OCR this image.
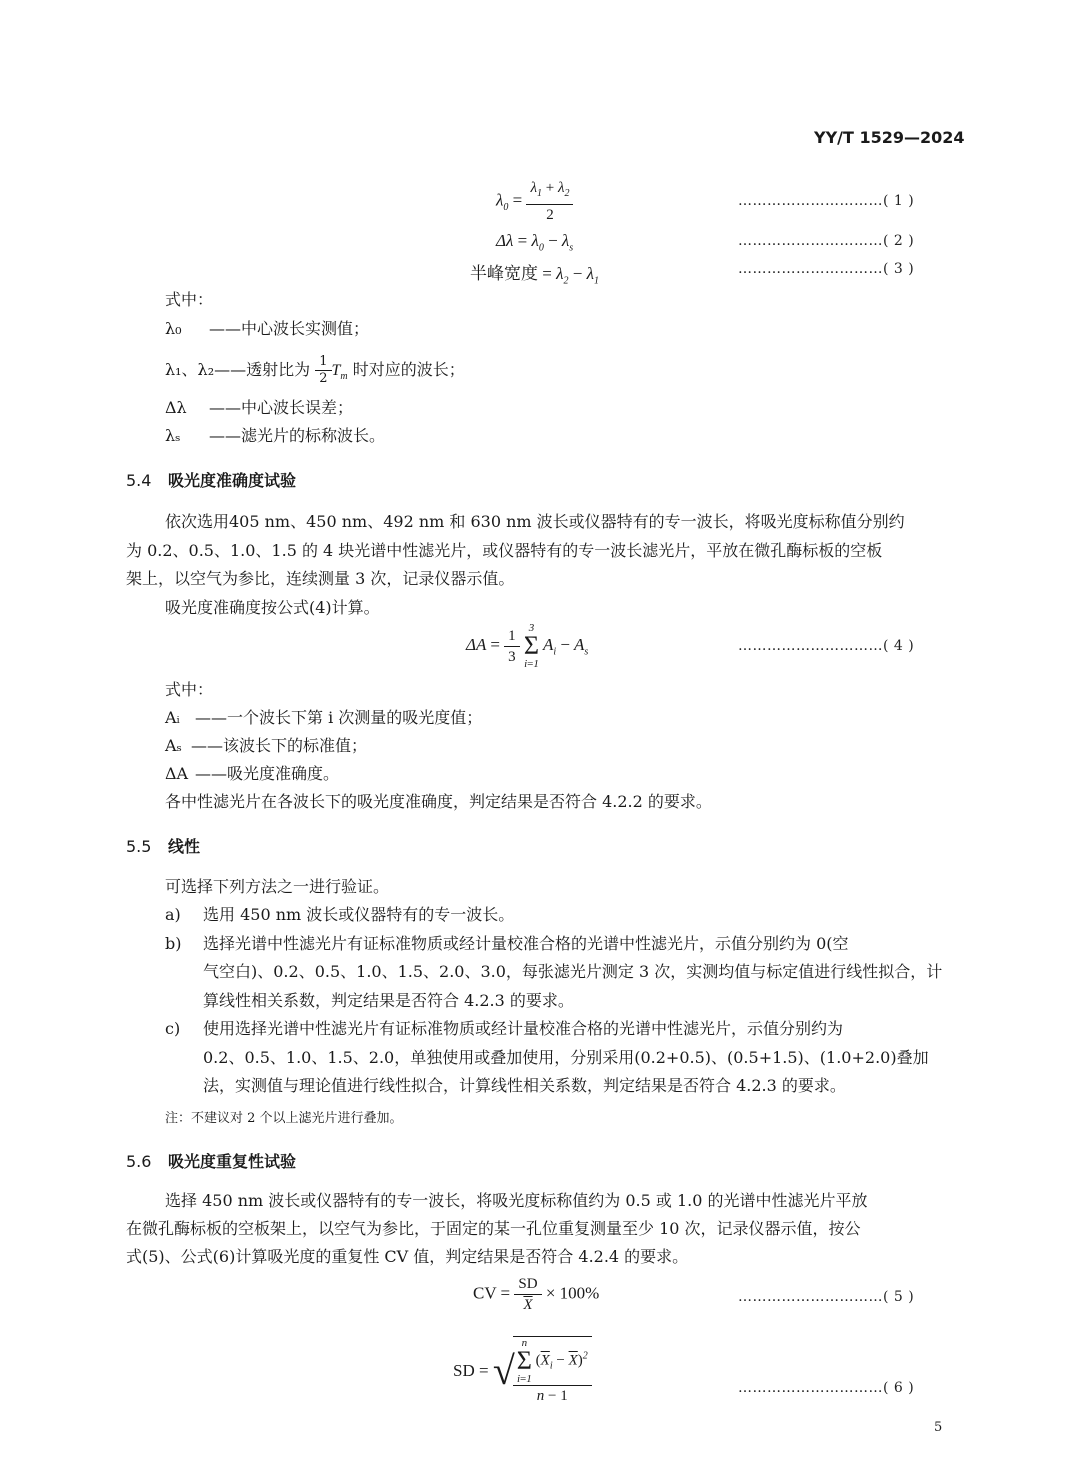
YY/T 1529—2024
$\lambda_0 = \frac{\lambda_1 + \lambda_2}{2}$	…………………………( 1 )
$\Delta\lambda = \lambda_0 - \lambda_s$	…………………………( 2 )
半峰宽度 = $\lambda_2 - \lambda_1$
…………………………( 3 )
式中：
λ₀ ——中心波长实测值；
λ₁、λ₂——透射比为 $\frac{1}{2} T_m$ 时对应的波长；
Δλ ——中心波长误差；
λₛ ——滤光片的标称波长。
5.4 吸光度准确度试验
依次选用405 nm、450 nm、492 nm 和 630 nm 波长或仪器特有的专一波长，将吸光度标称值分别约
为 0.2、0.5、1.0、1.5 的 4 块光谱中性滤光片，或仪器特有的专一波长滤光片，平放在微孔酶标板的空板
架上，以空气为参比，连续测量 3 次，记录仪器示值。
吸光度准确度按公式(4)计算。
$\Delta A = \frac{1}{3}$
3
Σ
i=1
$A_i - A_s$	…………………………( 4 )
式中：
Aᵢ ——一个波长下第 i 次测量的吸光度值；
Aₛ ——该波长下的标准值；
ΔA ——吸光度准确度。
各中性滤光片在各波长下的吸光度准确度，判定结果是否符合 4.2.2 的要求。
5.5 线性
可选择下列方法之一进行验证。
a) 选用 450 nm 波长或仪器特有的专一波长。
b) 选择光谱中性滤光片有证标准物质或经计量校准合格的光谱中性滤光片，示值分别约为 0(空
气空白)、0.2、0.5、1.0、1.5、2.0、3.0，每张滤光片测定 3 次，实测均值与标定值进行线性拟合，计
算线性相关系数，判定结果是否符合 4.2.3 的要求。
c) 使用选择光谱中性滤光片有证标准物质或经计量校准合格的光谱中性滤光片，示值分别约为
0.2、0.5、1.0、1.5、2.0，单独使用或叠加使用，分别采用(0.2+0.5)、(0.5+1.5)、(1.0+2.0)叠加
法，实测值与理论值进行线性拟合，计算线性相关系数，判定结果是否符合 4.2.3 的要求。
注：不建议对 2 个以上滤光片进行叠加。
5.6 吸光度重复性试验
选择 450 nm 波长或仪器特有的专一波长，将吸光度标称值约为 0.5 或 1.0 的光谱中性滤光片平放
在微孔酶标板的空板架上，以空气为参比，于固定的某一孔位重复测量至少 10 次，记录仪器示值，按公
式(5)、公式(6)计算吸光度的重复性 CV 值，判定结果是否符合 4.2.4 的要求。
CV = $\frac{SD}{X} \times 100\%$	…………………………( 5 )
SD = √
n
Σ
i=1
$(\overline{X}_i - \overline{X})^2$
n − 1	…………………………( 6 )
5
